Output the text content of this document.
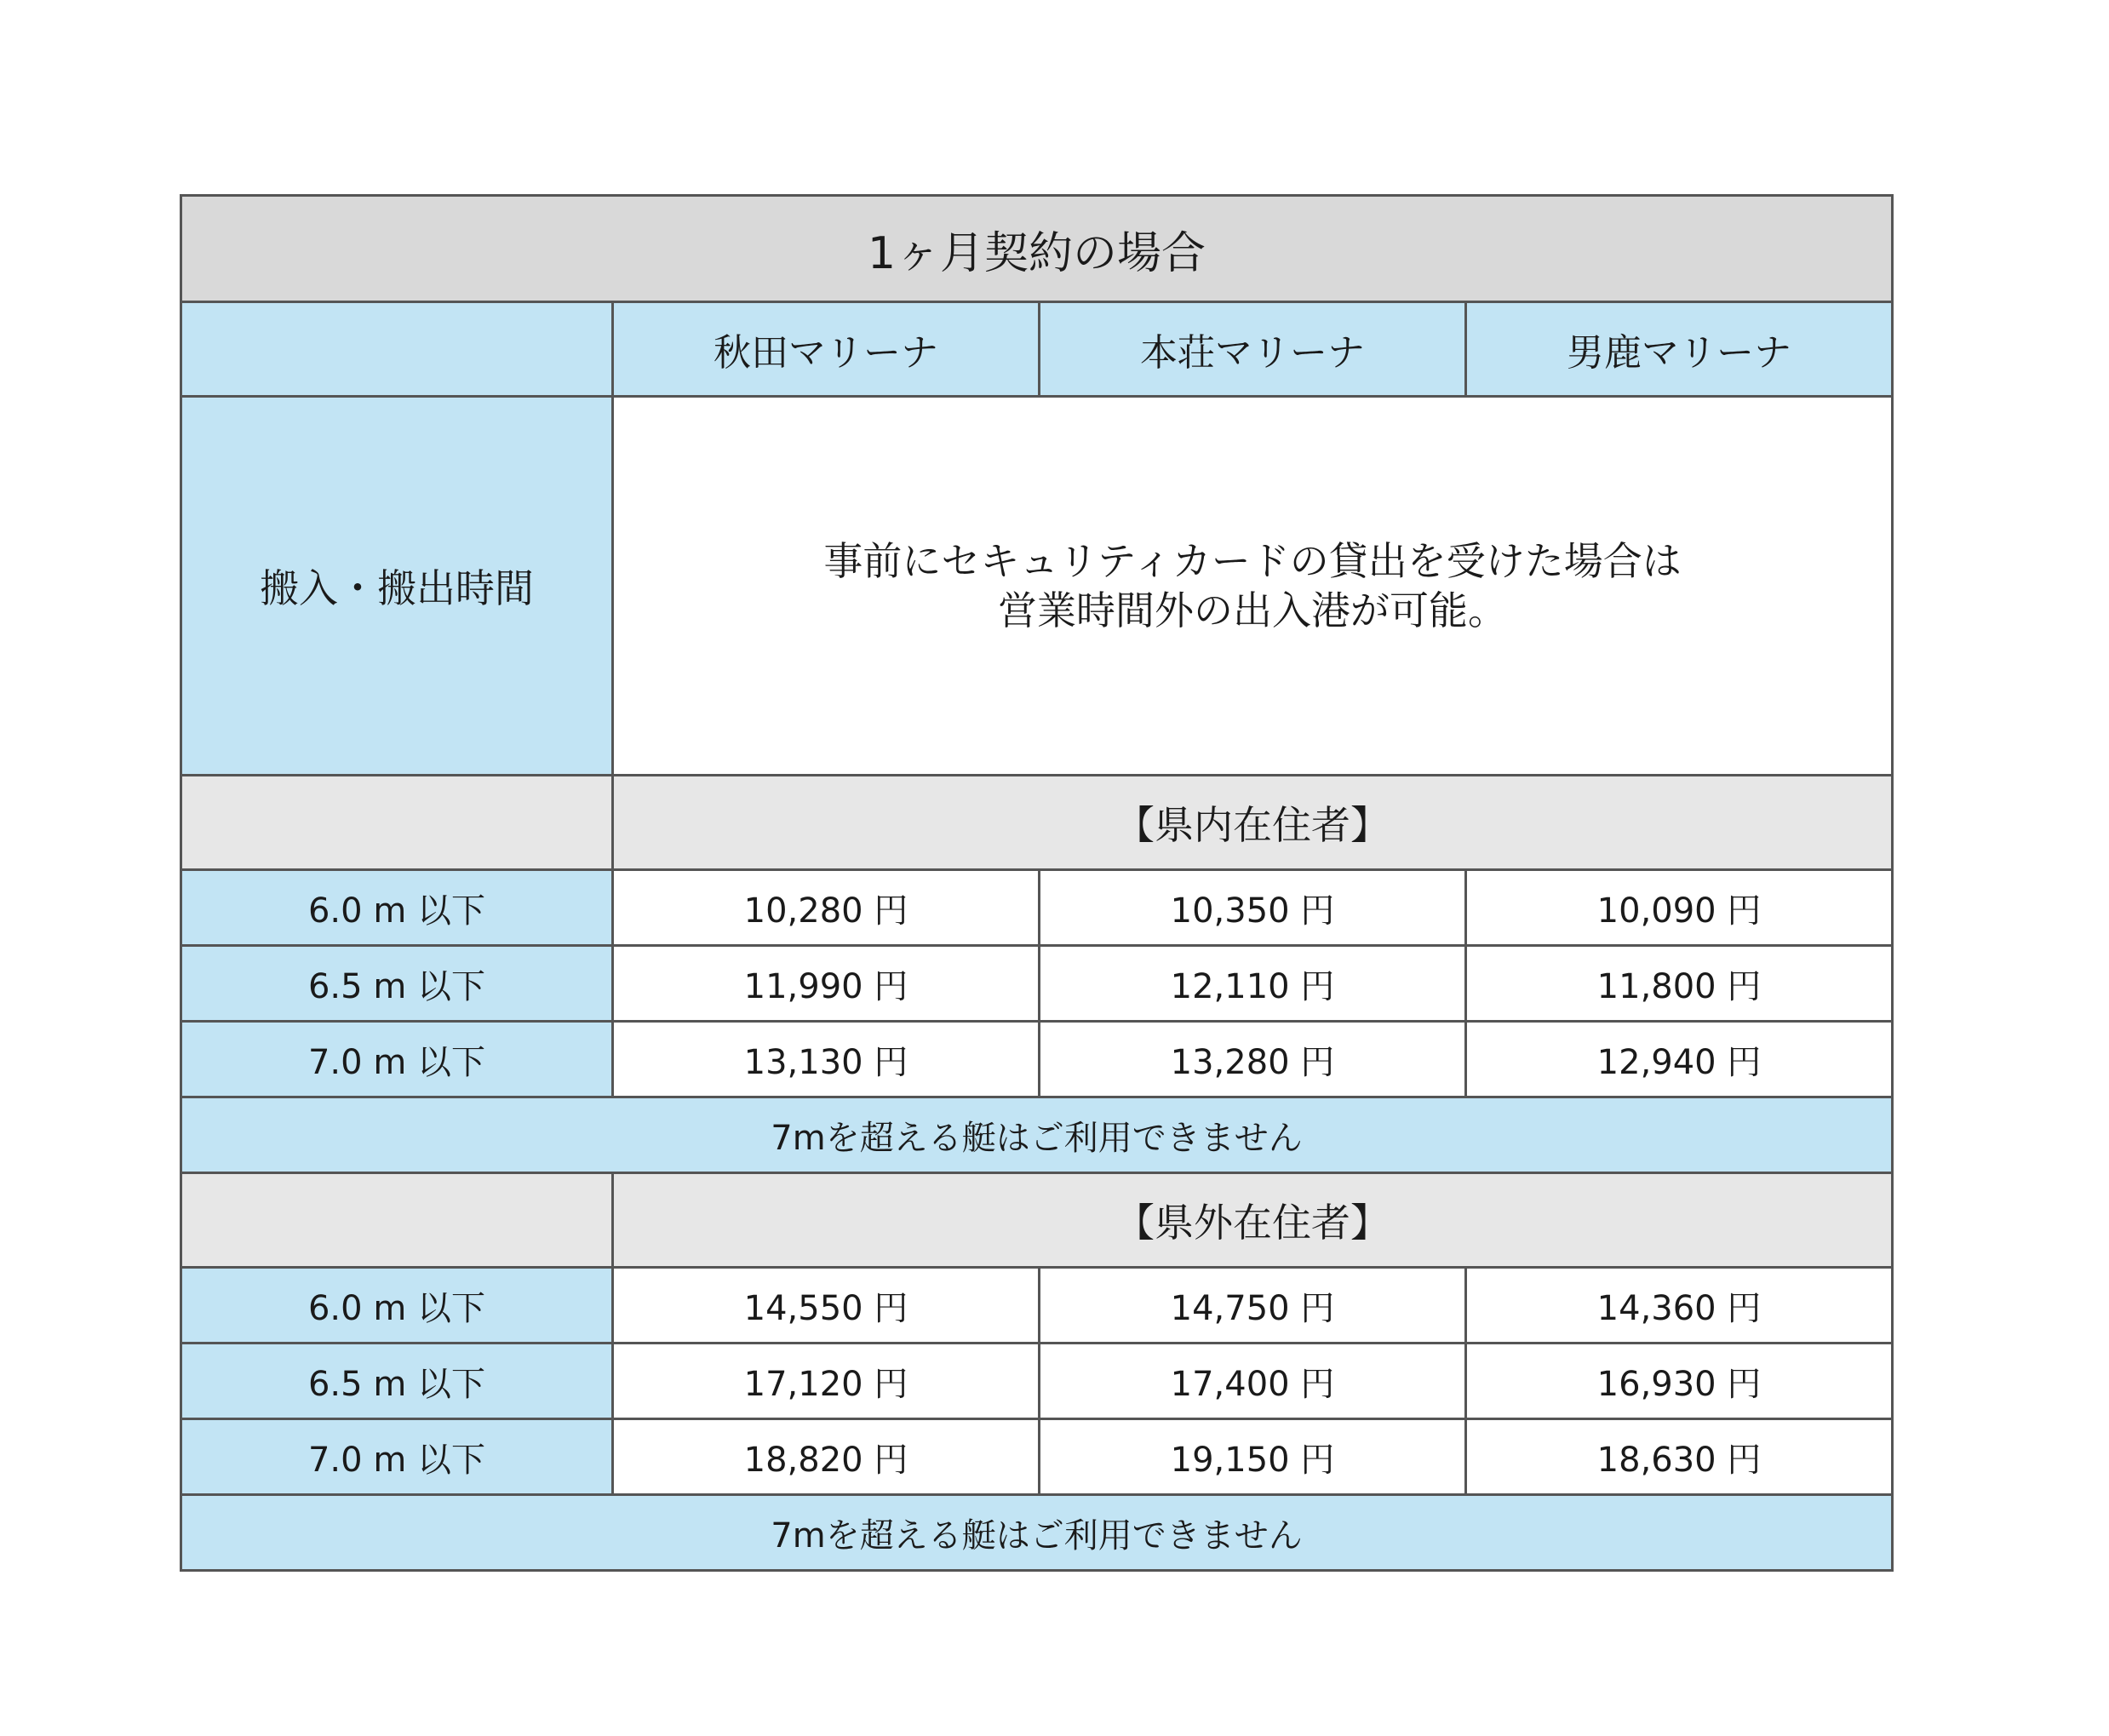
1ヶ月契約の場合			
	秋田マリーナ	本荘マリーナ	男鹿マリーナ
搬入・搬出時間	事前にセキュリティカードの貸出を受けた場合は
営業時間外の出入港が可能。		

	【県内在住者】		
6.0 m 以下	10,280 円	10,350 円	10,090 円
6.5 m 以下	11,990 円	12,110 円	11,800 円
7.0 m 以下	13,130 円	13,280 円	12,940 円
7mを超える艇はご利用できません			
	【県外在住者】		
6.0 m 以下	14,550 円	14,750 円	14,360 円
6.5 m 以下	17,120 円	17,400 円	16,930 円
7.0 m 以下	18,820 円	19,150 円	18,630 円
7mを超える艇はご利用できません			
